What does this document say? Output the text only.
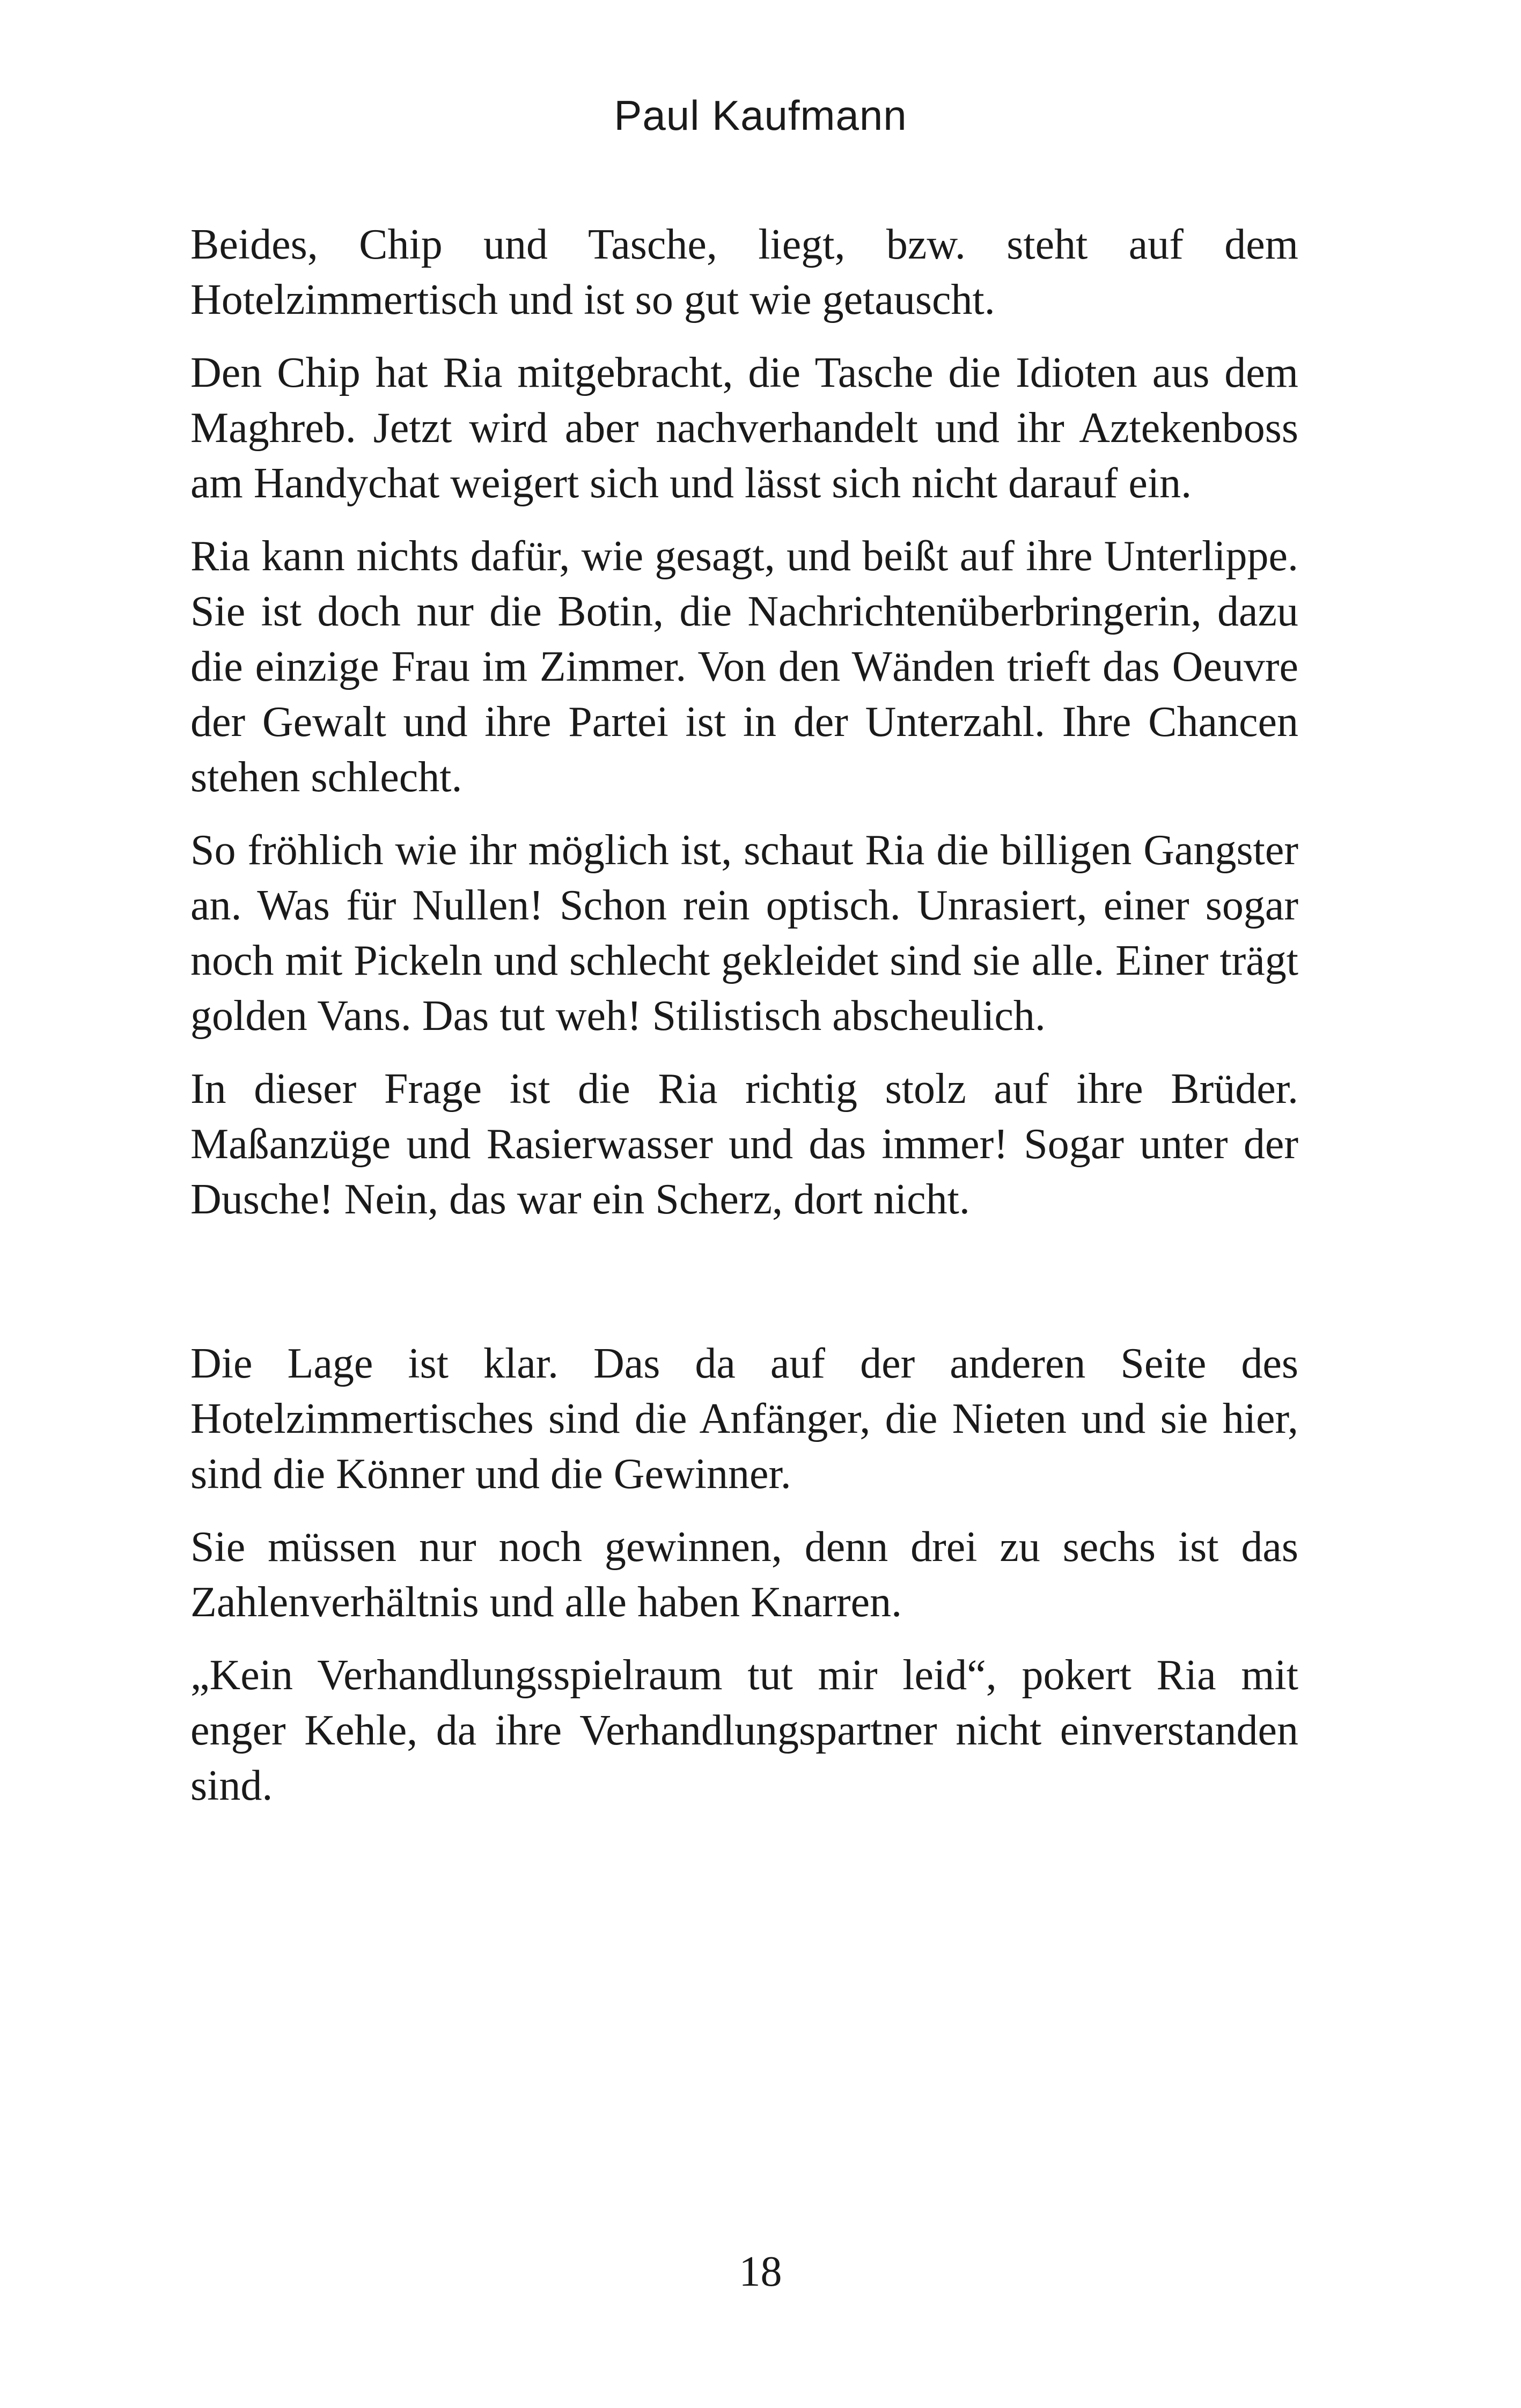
Paul Kaufmann

Beides, Chip und Tasche, liegt, bzw. steht auf dem Hotelzimmertisch und ist so gut wie getauscht.

Den Chip hat Ria mitgebracht, die Tasche die Idioten aus dem Maghreb. Jetzt wird aber nachverhandelt und ihr Aztekenboss am Handychat weigert sich und lässt sich nicht darauf ein.

Ria kann nichts dafür, wie gesagt, und beißt auf ihre Unterlippe. Sie ist doch nur die Botin, die Nachrichtenüberbringerin, dazu die einzige Frau im Zimmer. Von den Wänden trieft das Oeuvre der Gewalt und ihre Partei ist in der Unterzahl. Ihre Chancen stehen schlecht.

So fröhlich wie ihr möglich ist, schaut Ria die billigen Gangster an. Was für Nullen! Schon rein optisch. Unrasiert, einer sogar noch mit Pickeln und schlecht gekleidet sind sie alle. Einer trägt golden Vans. Das tut weh! Stilistisch abscheulich.

In dieser Frage ist die Ria richtig stolz auf ihre Brüder. Maßanzüge und Rasierwasser und das immer! Sogar unter der Dusche! Nein, das war ein Scherz, dort nicht.

Die Lage ist klar. Das da auf der anderen Seite des Hotelzimmertisches sind die Anfänger, die Nieten und sie hier, sind die Könner und die Gewinner.

Sie müssen nur noch gewinnen, denn drei zu sechs ist das Zahlenverhältnis und alle haben Knarren.

„Kein Verhandlungsspielraum tut mir leid“, pokert Ria mit enger Kehle, da ihre Verhandlungspartner nicht einverstanden sind.

18
